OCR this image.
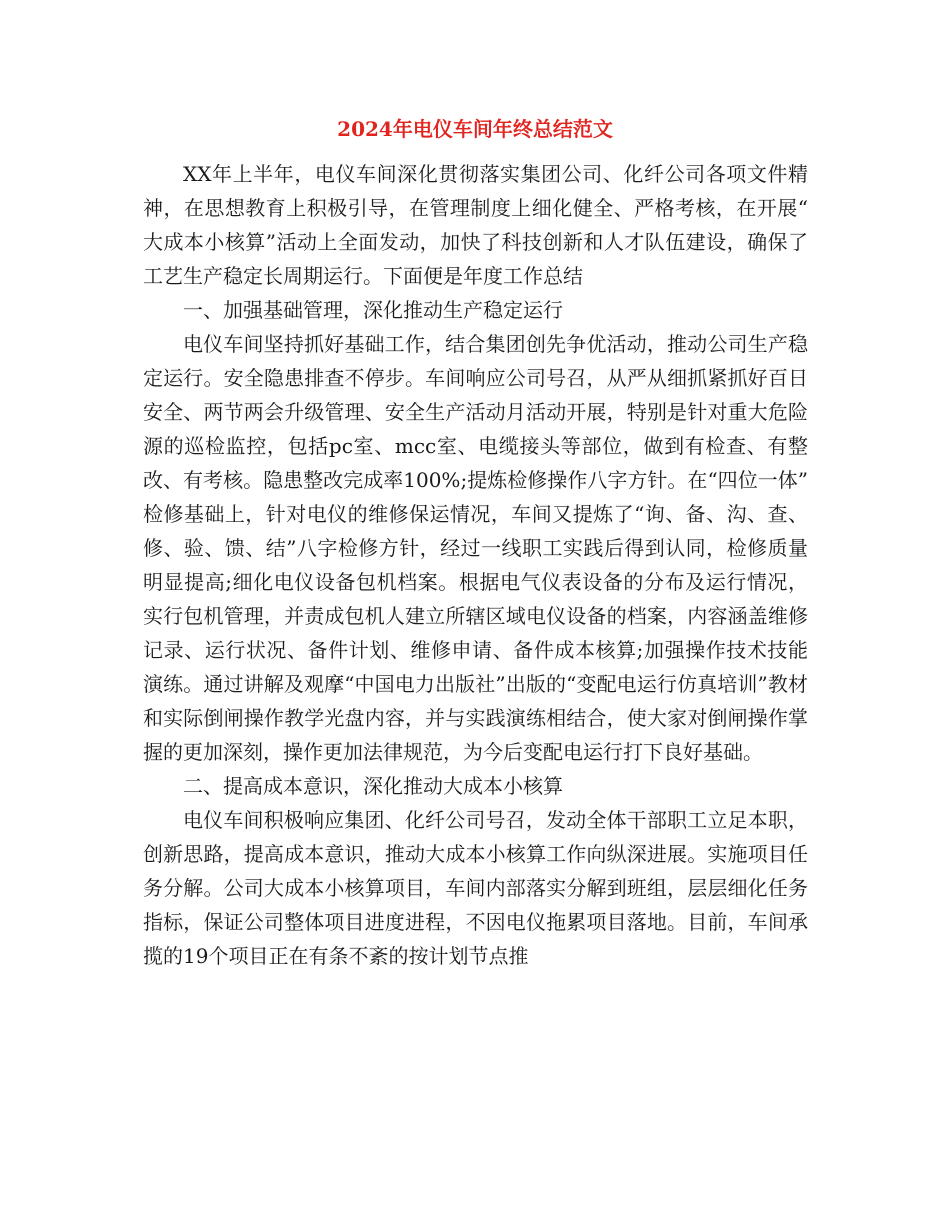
2024年电仪车间年终总结范文

XX年上半年，电仪车间深化贯彻落实集团公司、化纤公司各项文件精神，在思想教育上积极引导，在管理制度上细化健全、严格考核，在开展“大成本小核算”活动上全面发动，加快了科技创新和人才队伍建设，确保了工艺生产稳定长周期运行。下面便是年度工作总结

一、加强基础管理，深化推动生产稳定运行

电仪车间坚持抓好基础工作，结合集团创先争优活动，推动公司生产稳定运行。安全隐患排查不停步。车间响应公司号召，从严从细抓紧抓好百日安全、两节两会升级管理、安全生产活动月活动开展，特别是针对重大危险源的巡检监控，包括pc室、mcc室、电缆接头等部位，做到有检查、有整改、有考核。隐患整改完成率100%;提炼检修操作八字方针。在“四位一体”检修基础上，针对电仪的维修保运情况，车间又提炼了“询、备、沟、查、修、验、馈、结”八字检修方针，经过一线职工实践后得到认同，检修质量明显提高;细化电仪设备包机档案。根据电气仪表设备的分布及运行情况，实行包机管理，并责成包机人建立所辖区域电仪设备的档案，内容涵盖维修记录、运行状况、备件计划、维修申请、备件成本核算;加强操作技术技能演练。通过讲解及观摩“中国电力出版社”出版的“变配电运行仿真培训”教材和实际倒闸操作教学光盘内容，并与实践演练相结合，使大家对倒闸操作掌握的更加深刻，操作更加法律规范，为今后变配电运行打下良好基础。

二、提高成本意识，深化推动大成本小核算

电仪车间积极响应集团、化纤公司号召，发动全体干部职工立足本职，创新思路，提高成本意识，推动大成本小核算工作向纵深进展。实施项目任务分解。公司大成本小核算项目，车间内部落实分解到班组，层层细化任务指标，保证公司整体项目进度进程，不因电仪拖累项目落地。目前，车间承揽的19个项目正在有条不紊的按计划节点推
